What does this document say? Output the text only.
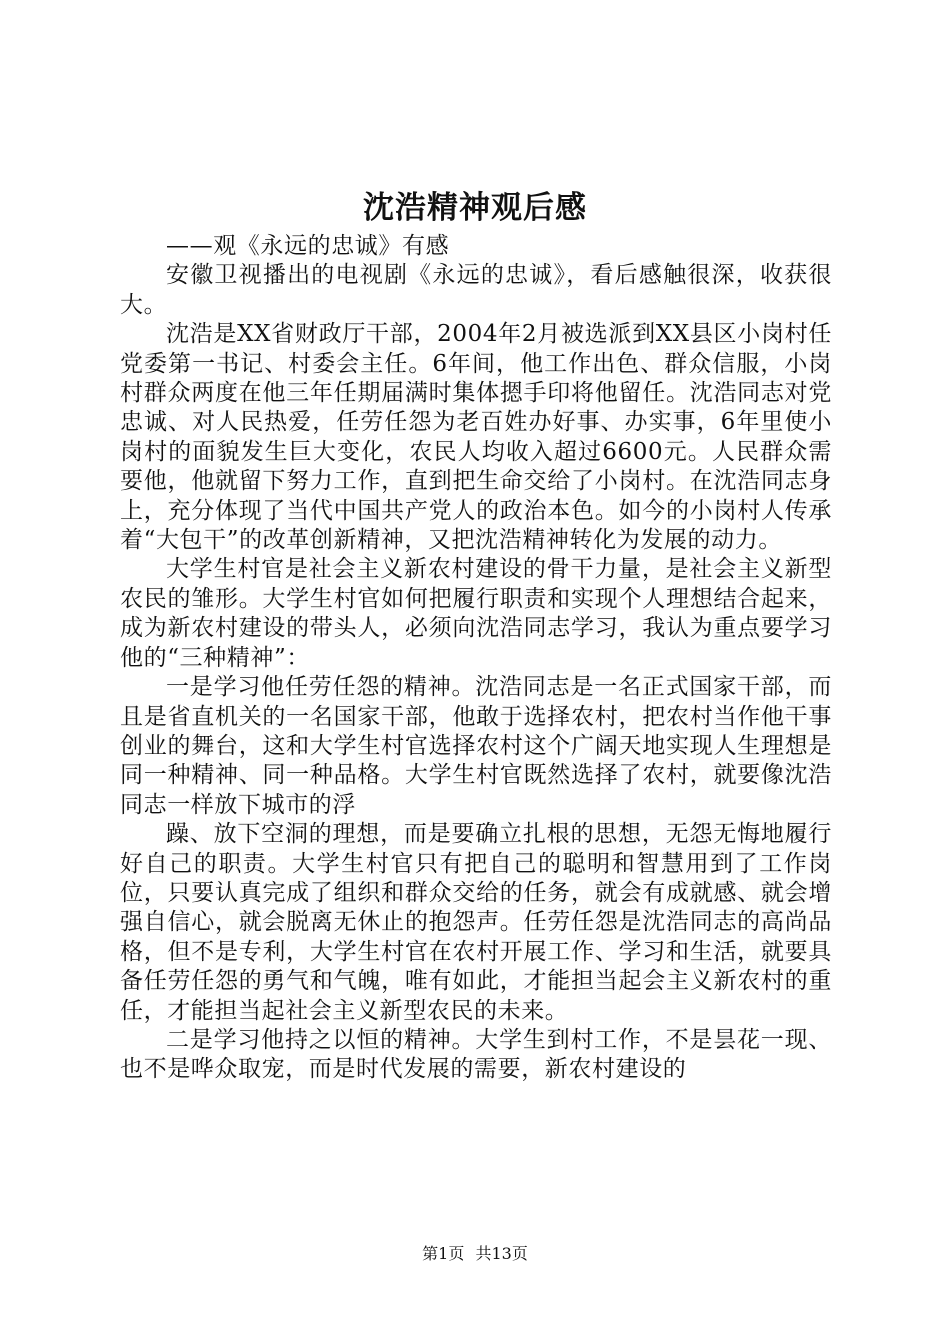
沈浩精神观后感

——观《永远的忠诚》有感

安徽卫视播出的电视剧《永远的忠诚》，看后感触很深，收获很大。

沈浩是XX省财政厅干部，2004年2月被选派到XX县区小岗村任党委第一书记、村委会主任。6年间，他工作出色、群众信服，小岗村群众两度在他三年任期届满时集体摁手印将他留任。沈浩同志对党忠诚、对人民热爱，任劳任怨为老百姓办好事、办实事，6年里使小岗村的面貌发生巨大变化，农民人均收入超过6600元。人民群众需要他，他就留下努力工作，直到把生命交给了小岗村。在沈浩同志身上，充分体现了当代中国共产党人的政治本色。如今的小岗村人传承着“大包干”的改革创新精神，又把沈浩精神转化为发展的动力。

大学生村官是社会主义新农村建设的骨干力量，是社会主义新型农民的雏形。大学生村官如何把履行职责和实现个人理想结合起来，成为新农村建设的带头人，必须向沈浩同志学习，我认为重点要学习他的“三种精神”：

一是学习他任劳任怨的精神。沈浩同志是一名正式国家干部，而且是省直机关的一名国家干部，他敢于选择农村，把农村当作他干事创业的舞台，这和大学生村官选择农村这个广阔天地实现人生理想是同一种精神、同一种品格。大学生村官既然选择了农村，就要像沈浩同志一样放下城市的浮

躁、放下空洞的理想，而是要确立扎根的思想，无怨无悔地履行好自己的职责。大学生村官只有把自己的聪明和智慧用到了工作岗位，只要认真完成了组织和群众交给的任务，就会有成就感、就会增强自信心，就会脱离无休止的抱怨声。任劳任怨是沈浩同志的高尚品格，但不是专利，大学生村官在农村开展工作、学习和生活，就要具备任劳任怨的勇气和气魄，唯有如此，才能担当起会主义新农村的重任，才能担当起社会主义新型农民的未来。

二是学习他持之以恒的精神。大学生到村工作，不是昙花一现、也不是哗众取宠，而是时代发展的需要，新农村建设的

第1页 共13页
